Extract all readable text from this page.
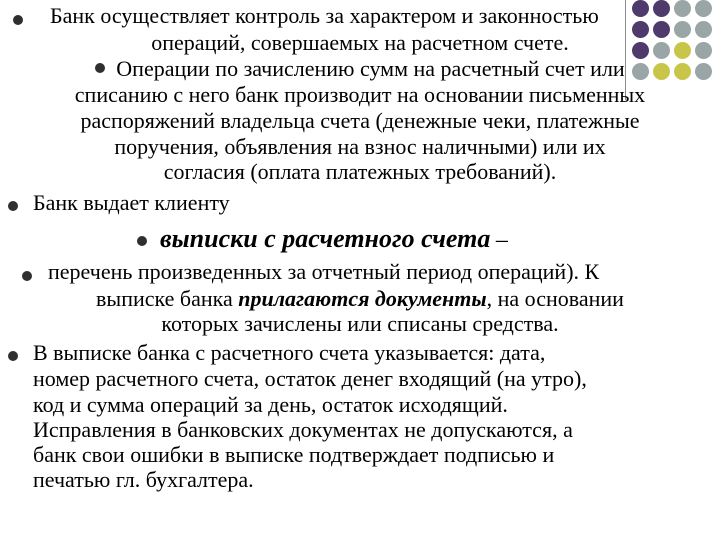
Банк осуществляет контроль за характером и законностью
операций, совершаемых на расчетном счете.
Операции по зачислению сумм на расчетный счет или
списанию с него банк производит на основании письменных
распоряжений владельца счета (денежные чеки, платежные
поручения, объявления на взнос наличными) или их
согласия (оплата платежных требований).
Банк выдает клиенту
выписки с расчетного счета –
перечень произведенных за отчетный период операций). К
выписке банка прилагаются документы, на основании
которых зачислены или списаны средства.
В выписке банка с расчетного счета указывается: дата,
номер расчетного счета, остаток денег входящий (на утро),
код и сумма операций за день, остаток исходящий.
Исправления в банковских документах не допускаются, а
банк свои ошибки в выписке подтверждает подписью и
печатью гл. бухгалтера.
